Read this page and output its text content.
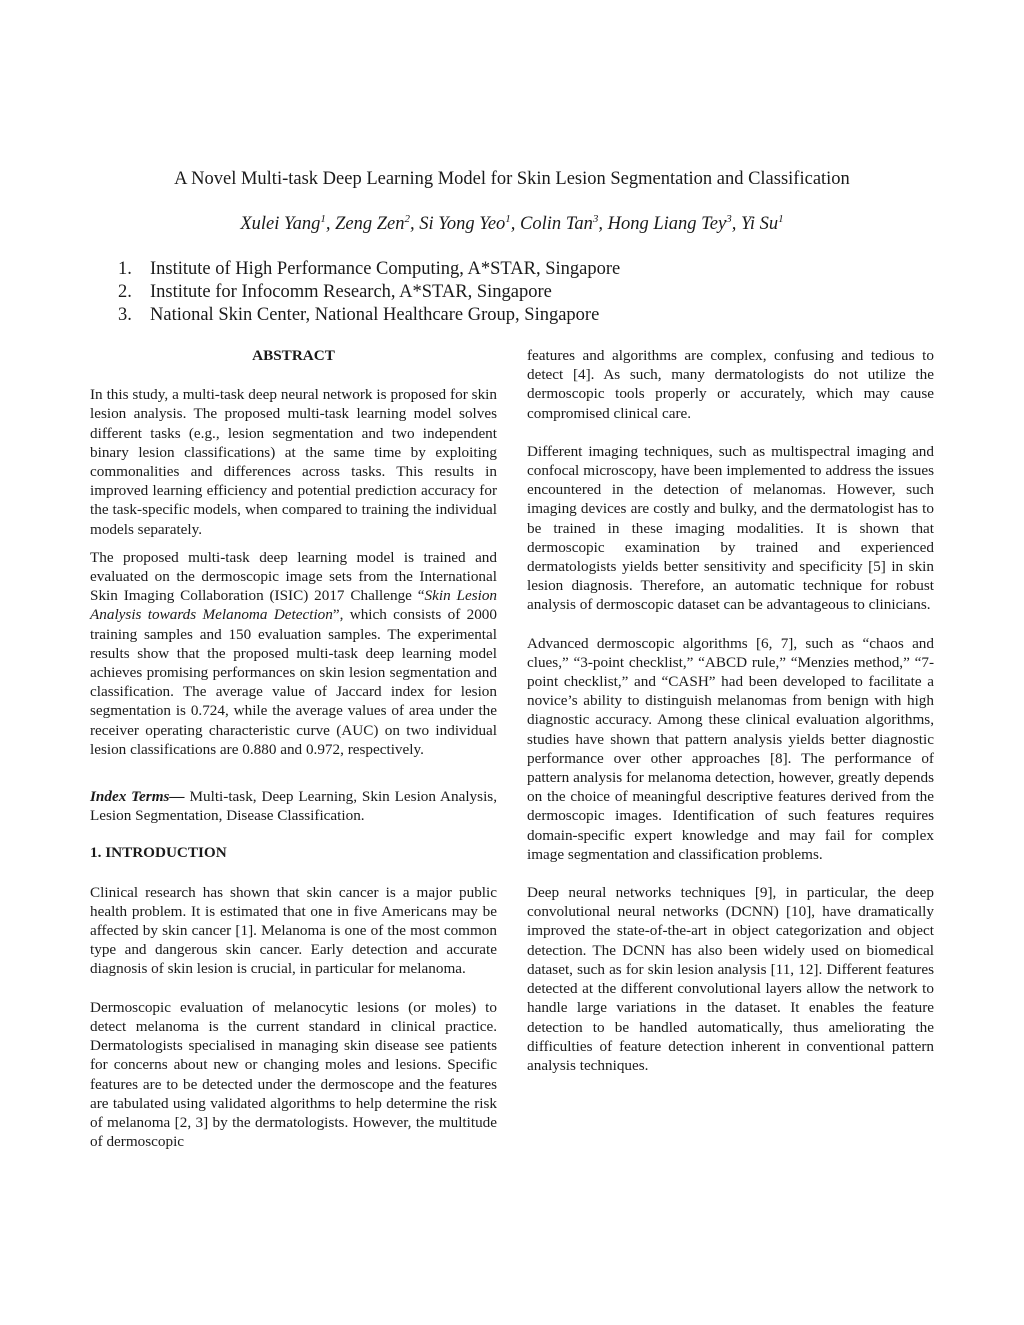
A Novel Multi-task Deep Learning Model for Skin Lesion Segmentation and Classification
Xulei Yang$^1$, Zeng Zen$^2$, Si Yong Yeo$^1$, Colin Tan$^3$, Hong Liang Tey$^3$, Yi Su$^1$
1. Institute of High Performance Computing, A*STAR, Singapore
2. Institute for Infocomm Research, A*STAR, Singapore
3. National Skin Center, National Healthcare Group, Singapore

ABSTRACT

In this study, a multi-task deep neural network is proposed for skin lesion analysis. The proposed multi-task learning model solves different tasks (e.g., lesion segmentation and two independent binary lesion classifications) at the same time by exploiting commonalities and differences across tasks. This results in improved learning efficiency and potential prediction accuracy for the task-specific models, when compared to training the individual models separately.

The proposed multi-task deep learning model is trained and evaluated on the dermoscopic image sets from the International Skin Imaging Collaboration (ISIC) 2017 Challenge “Skin Lesion Analysis towards Melanoma Detection”, which consists of 2000 training samples and 150 evaluation samples. The experimental results show that the proposed multi-task deep learning model achieves promising performances on skin lesion segmentation and classification. The average value of Jaccard index for lesion segmentation is 0.724, while the average values of area under the receiver operating characteristic curve (AUC) on two individual lesion classifications are 0.880 and 0.972, respectively.

Index Terms— Multi-task, Deep Learning, Skin Lesion Analysis, Lesion Segmentation, Disease Classification.

1. INTRODUCTION

Clinical research has shown that skin cancer is a major public health problem. It is estimated that one in five Americans may be affected by skin cancer [1]. Melanoma is one of the most common type and dangerous skin cancer. Early detection and accurate diagnosis of skin lesion is crucial, in particular for melanoma.

Dermoscopic evaluation of melanocytic lesions (or moles) to detect melanoma is the current standard in clinical practice. Dermatologists specialised in managing skin disease see patients for concerns about new or changing moles and lesions. Specific features are to be detected under the dermoscope and the features are tabulated using validated algorithms to help determine the risk of melanoma [2, 3] by the dermatologists. However, the multitude of dermoscopic

features and algorithms are complex, confusing and tedious to detect [4]. As such, many dermatologists do not utilize the dermoscopic tools properly or accurately, which may cause compromised clinical care.

Different imaging techniques, such as multispectral imaging and confocal microscopy, have been implemented to address the issues encountered in the detection of melanomas. However, such imaging devices are costly and bulky, and the dermatologist has to be trained in these imaging modalities. It is shown that dermoscopic examination by trained and experienced dermatologists yields better sensitivity and specificity [5] in skin lesion diagnosis. Therefore, an automatic technique for robust analysis of dermoscopic dataset can be advantageous to clinicians.

Advanced dermoscopic algorithms [6, 7], such as “chaos and clues,” “3-point checklist,” “ABCD rule,” “Menzies method,” “7-point checklist,” and “CASH” had been developed to facilitate a novice’s ability to distinguish melanomas from benign with high diagnostic accuracy. Among these clinical evaluation algorithms, studies have shown that pattern analysis yields better diagnostic performance over other approaches [8]. The performance of pattern analysis for melanoma detection, however, greatly depends on the choice of meaningful descriptive features derived from the dermoscopic images. Identification of such features requires domain-specific expert knowledge and may fail for complex image segmentation and classification problems.

Deep neural networks techniques [9], in particular, the deep convolutional neural networks (DCNN) [10], have dramatically improved the state-of-the-art in object categorization and object detection. The DCNN has also been widely used on biomedical dataset, such as for skin lesion analysis [11, 12]. Different features detected at the different convolutional layers allow the network to handle large variations in the dataset. It enables the feature detection to be handled automatically, thus ameliorating the difficulties of feature detection inherent in conventional pattern analysis techniques.
